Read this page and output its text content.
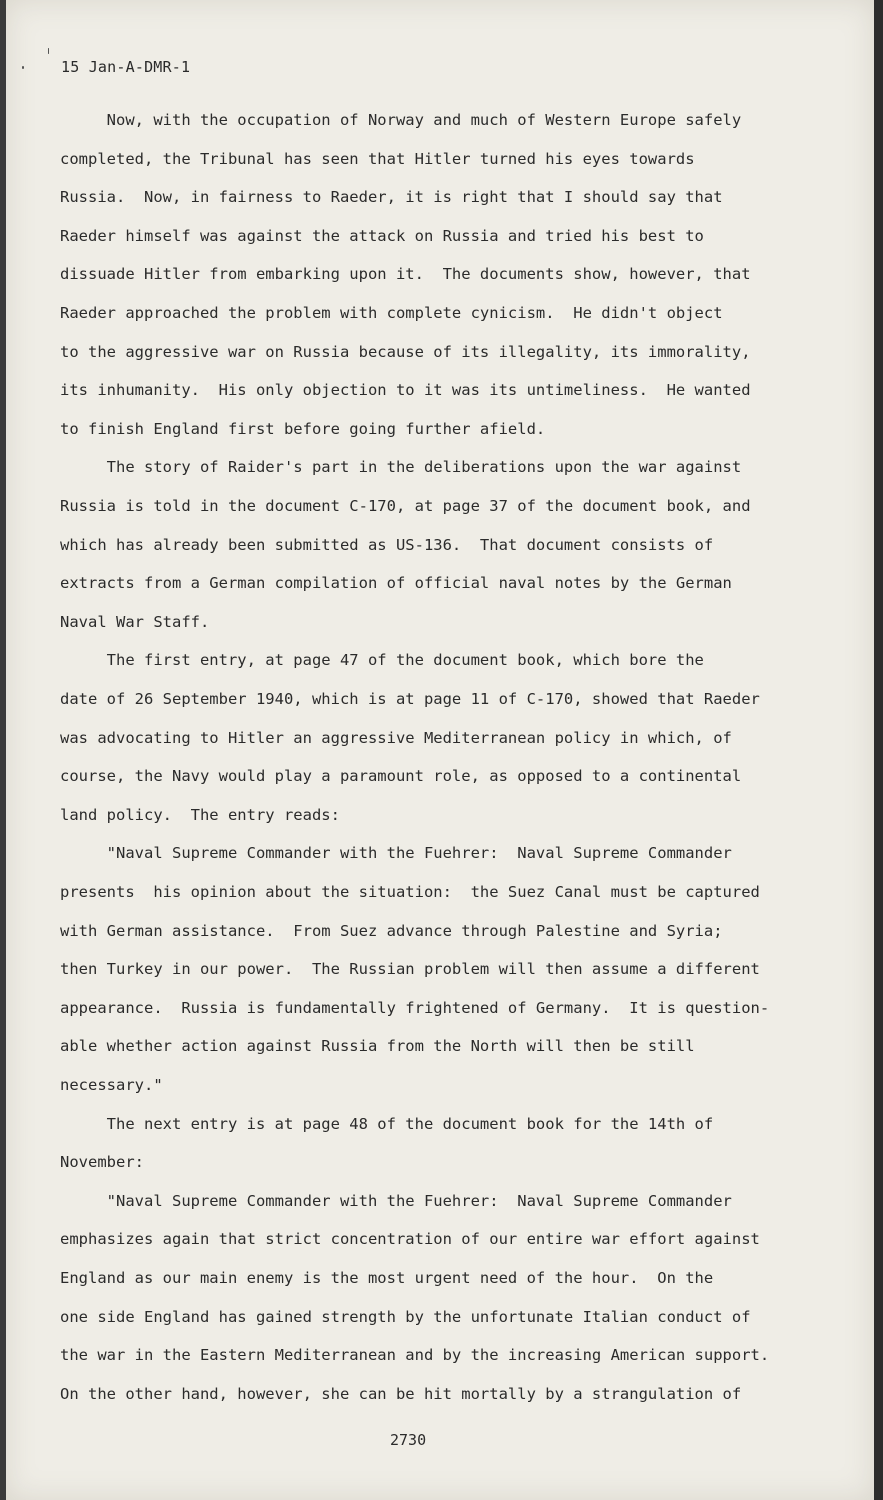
15 Jan-A-DMR-1
Now, with the occupation of Norway and much of Western Europe safely
completed, the Tribunal has seen that Hitler turned his eyes towards
Russia.  Now, in fairness to Raeder, it is right that I should say that
Raeder himself was against the attack on Russia and tried his best to
dissuade Hitler from embarking upon it.  The documents show, however, that
Raeder approached the problem with complete cynicism.  He didn't object
to the aggressive war on Russia because of its illegality, its immorality,
its inhumanity.  His only objection to it was its untimeliness.  He wanted
to finish England first before going further afield.
The story of Raider's part in the deliberations upon the war against
Russia is told in the document C-170, at page 37 of the document book, and
which has already been submitted as US-136.  That document consists of
extracts from a German compilation of official naval notes by the German
Naval War Staff.
The first entry, at page 47 of the document book, which bore the
date of 26 September 1940, which is at page 11 of C-170, showed that Raeder
was advocating to Hitler an aggressive Mediterranean policy in which, of
course, the Navy would play a paramount role, as opposed to a continental
land policy.  The entry reads:
"Naval Supreme Commander with the Fuehrer:  Naval Supreme Commander
presents  his opinion about the situation:  the Suez Canal must be captured
with German assistance.  From Suez advance through Palestine and Syria;
then Turkey in our power.  The Russian problem will then assume a different
appearance.  Russia is fundamentally frightened of Germany.  It is question-
able whether action against Russia from the North will then be still
necessary."
The next entry is at page 48 of the document book for the 14th of
November:
"Naval Supreme Commander with the Fuehrer:  Naval Supreme Commander
emphasizes again that strict concentration of our entire war effort against
England as our main enemy is the most urgent need of the hour.  On the
one side England has gained strength by the unfortunate Italian conduct of
the war in the Eastern Mediterranean and by the increasing American support.
On the other hand, however, she can be hit mortally by a strangulation of
2730
